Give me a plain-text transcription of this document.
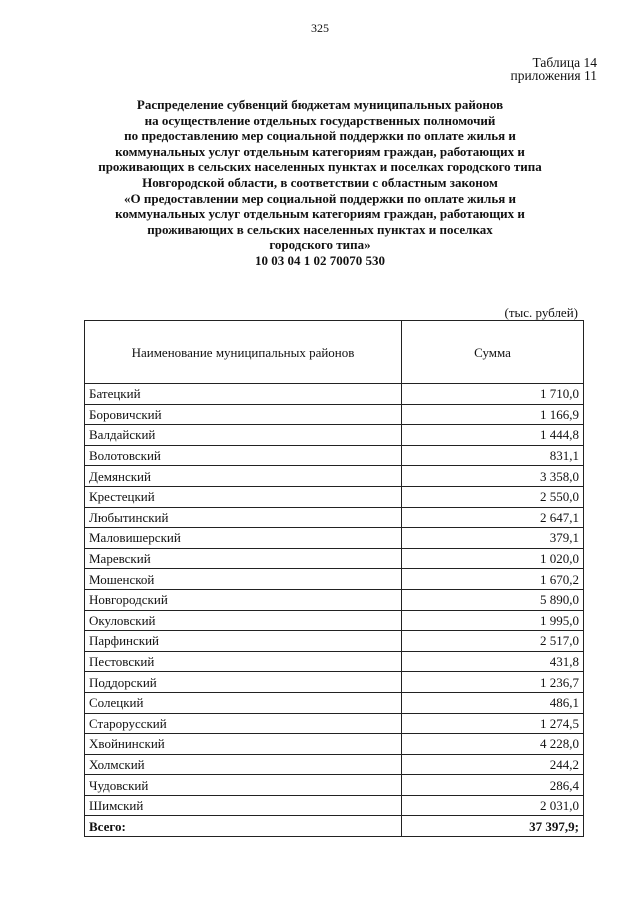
325
Таблица 14
приложения 11
Распределение субвенций бюджетам муниципальных районов
на осуществление отдельных государственных полномочий
по предоставлению мер социальной поддержки по оплате жилья и
коммунальных услуг отдельным категориям граждан, работающих и
проживающих в сельских населенных пунктах и поселках городского типа
Новгородской области, в соответствии с областным законом
«О предоставлении мер социальной поддержки по оплате жилья и
коммунальных услуг отдельным категориям граждан, работающих и
проживающих в сельских населенных пунктах и поселках
городского типа»
10 03 04 1 02 70070 530
(тыс. рублей)
Наименование муниципальных районов	Сумма
Батецкий	1 710,0
Боровичский	1 166,9
Валдайский	1 444,8
Волотовский	831,1
Демянский	3 358,0
Крестецкий	2 550,0
Любытинский	2 647,1
Маловишерский	379,1
Маревский	1 020,0
Мошенской	1 670,2
Новгородский	5 890,0
Окуловский	1 995,0
Парфинский	2 517,0
Пестовский	431,8
Поддорский	1 236,7
Солецкий	486,1
Старорусский	1 274,5
Хвойнинский	4 228,0
Холмский	244,2
Чудовский	286,4
Шимский	2 031,0
Всего:	37 397,9;
